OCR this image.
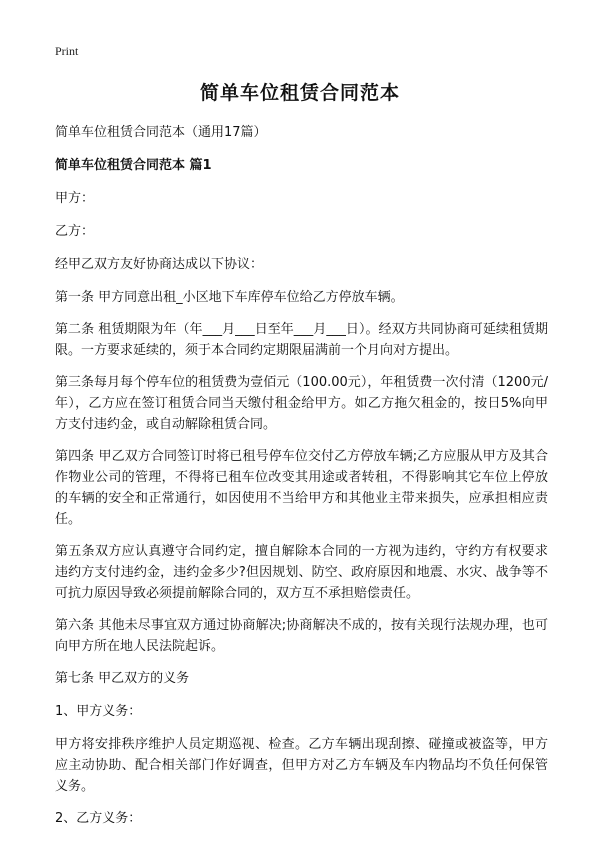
Print
简单车位租赁合同范本

简单车位租赁合同范本（通用17篇）

简单车位租赁合同范本 篇1

甲方：

乙方：

经甲乙双方友好协商达成以下协议：

第一条 甲方同意出租_小区地下车库停车位给乙方停放车辆。

第二条 租赁期限为年（年___月___日至年___月___日）。经双方共同协商可延续租赁期限。一方要求延续的，须于本合同约定期限届满前一个月向对方提出。

第三条每月每个停车位的租赁费为壹佰元（100.00元），年租赁费一次付清（1200元/年），乙方应在签订租赁合同当天缴付租金给甲方。如乙方拖欠租金的，按日5%向甲方支付违约金，或自动解除租赁合同。

第四条 甲乙双方合同签订时将已租号停车位交付乙方停放车辆;乙方应服从甲方及其合作物业公司的管理，不得将已租车位改变其用途或者转租，不得影响其它车位上停放的车辆的安全和正常通行，如因使用不当给甲方和其他业主带来损失，应承担相应责任。

第五条双方应认真遵守合同约定，擅自解除本合同的一方视为违约，守约方有权要求违约方支付违约金，违约金多少?但因规划、防空、政府原因和地震、水灾、战争等不可抗力原因导致必须提前解除合同的，双方互不承担赔偿责任。

第六条 其他未尽事宜双方通过协商解决;协商解决不成的，按有关现行法规办理，也可向甲方所在地人民法院起诉。

第七条 甲乙双方的义务

1、甲方义务：

甲方将安排秩序维护人员定期巡视、检查。乙方车辆出现刮擦、碰撞或被盗等，甲方应主动协助、配合相关部门作好调查，但甲方对乙方车辆及车内物品均不负任何保管义务。

2、乙方义务：
